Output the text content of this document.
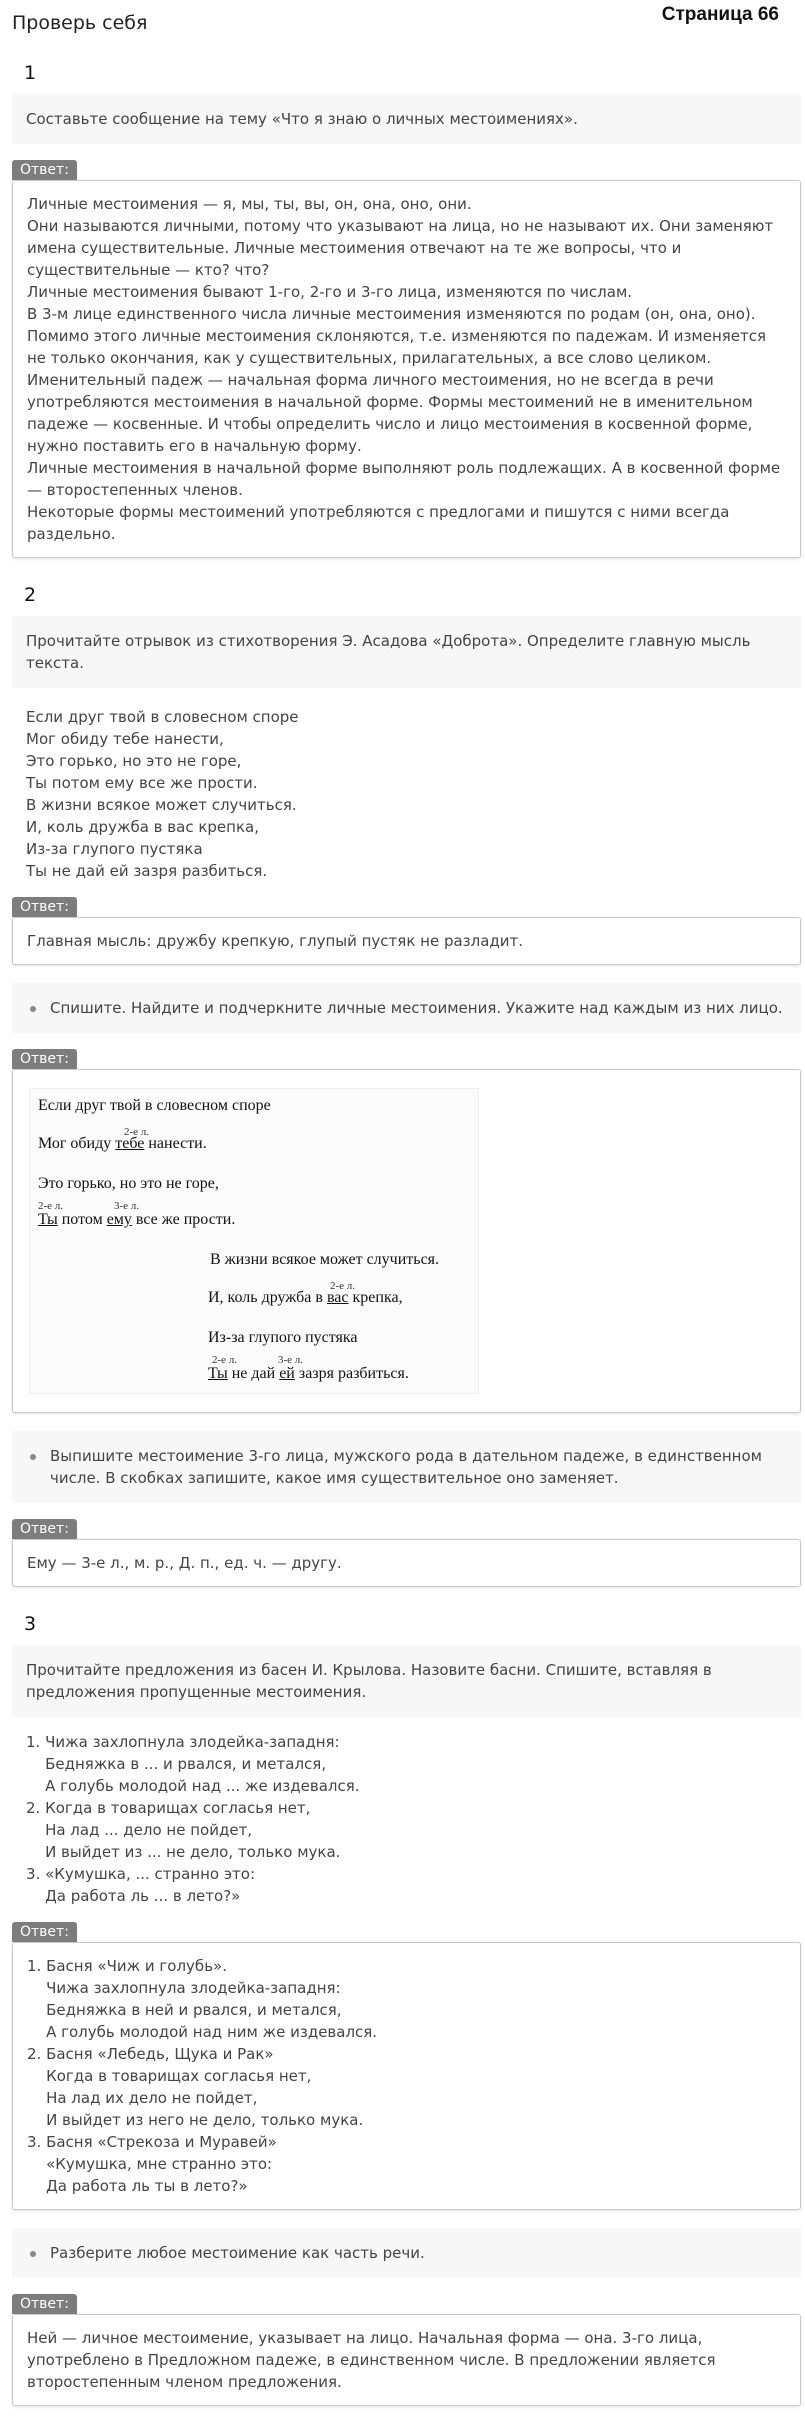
Проверь себя	Страница 66
1
Составьте сообщение на тему «Что я знаю о личных местоимениях».
Ответ:

Личные местоимения — я, мы, ты, вы, он, она, оно, они.

Они называются личными, потому что указывают на лица, но не называют их. Они заменяют имена существительные. Личные местоимения отвечают на те же вопросы, что и существительные — кто? что?

Личные местоимения бывают 1-го, 2-го и 3-го лица, изменяются по числам.

В 3-м лице единственного числа личные местоимения изменяются по родам (он, она, оно). Помимо этого личные местоимения склоняются, т.е. изменяются по падежам. И изменяется не только окончания, как у существительных, прилагательных, а все слово целиком.

Именительный падеж — начальная форма личного местоимения, но не всегда в речи употребляются местоимения в начальной форме. Формы местоимений не в именительном падеже — косвенные. И чтобы определить число и лицо местоимения в косвенной форме, нужно поставить его в начальную форму.

Личные местоимения в начальной форме выполняют роль подлежащих. А в косвенной форме — второстепенных членов.

Некоторые формы местоимений употребляются с предлогами и пишутся с ними всегда раздельно.

2
Прочитайте отрывок из стихотворения Э. Асадова «Доброта». Определите главную мысль текста.
Если друг твой в словесном споре
Мог обиду тебе нанести,
Это горько, но это не горе,
Ты потом ему все же прости.
В жизни всякое может случиться.
И, коль дружба в вас крепка,
Из-за глупого пустяка
Ты не дай ей зазря разбиться.
Ответ:

Главная мысль: дружбу крепкую, глупый пустяк не разладит.

Спишите. Найдите и подчеркните личные местоимения. Укажите над каждым из них лицо.
Ответ:
Если друг твой в словесном споре
2-е л.
Мог обиду тебе нанести.
Это горько, но это не горе,
2-е л.	3-е л.
Ты потом ему все же прости.
В жизни всякое может случиться.
2-е л.
И, коль дружба в вас крепка,
Из-за глупого пустяка
2-е л.	3-е л.
Ты не дай ей зазря разбиться.
Выпишите местоимение 3-го лица, мужского рода в дательном падеже, в единственном числе. В скобках запишите, какое имя существительное оно заменяет.
Ответ:

Ему — 3-е л., м. р., Д. п., ед. ч. — другу.

3
Прочитайте предложения из басен И. Крылова. Назовите басни. Спишите, вставляя в предложения пропущенные местоимения.
1. Чижа захлопнула злодейка-западня:
Бедняжка в ... и рвался, и метался,
А голубь молодой над ... же издевался.
2. Когда в товарищах согласья нет,
На лад ... дело не пойдет,
И выйдет из ... не дело, только мука.
3. «Кумушка, ... странно это:
Да работа ль ... в лето?»
Ответ:
1. Басня «Чиж и голубь».
Чижа захлопнула злодейка-западня:
Бедняжка в ней и рвался, и метался,
А голубь молодой над ним же издевался.
2. Басня «Лебедь, Щука и Рак»
Когда в товарищах согласья нет,
На лад их дело не пойдет,
И выйдет из него не дело, только мука.
3. Басня «Стрекоза и Муравей»
«Кумушка, мне странно это:
Да работа ль ты в лето?»
Разберите любое местоимение как часть речи.
Ответ:

Ней — личное местоимение, указывает на лицо. Начальная форма — она. 3-го лица, употреблено в Предложном падеже, в единственном числе. В предложении является второстепенным членом предложения.
